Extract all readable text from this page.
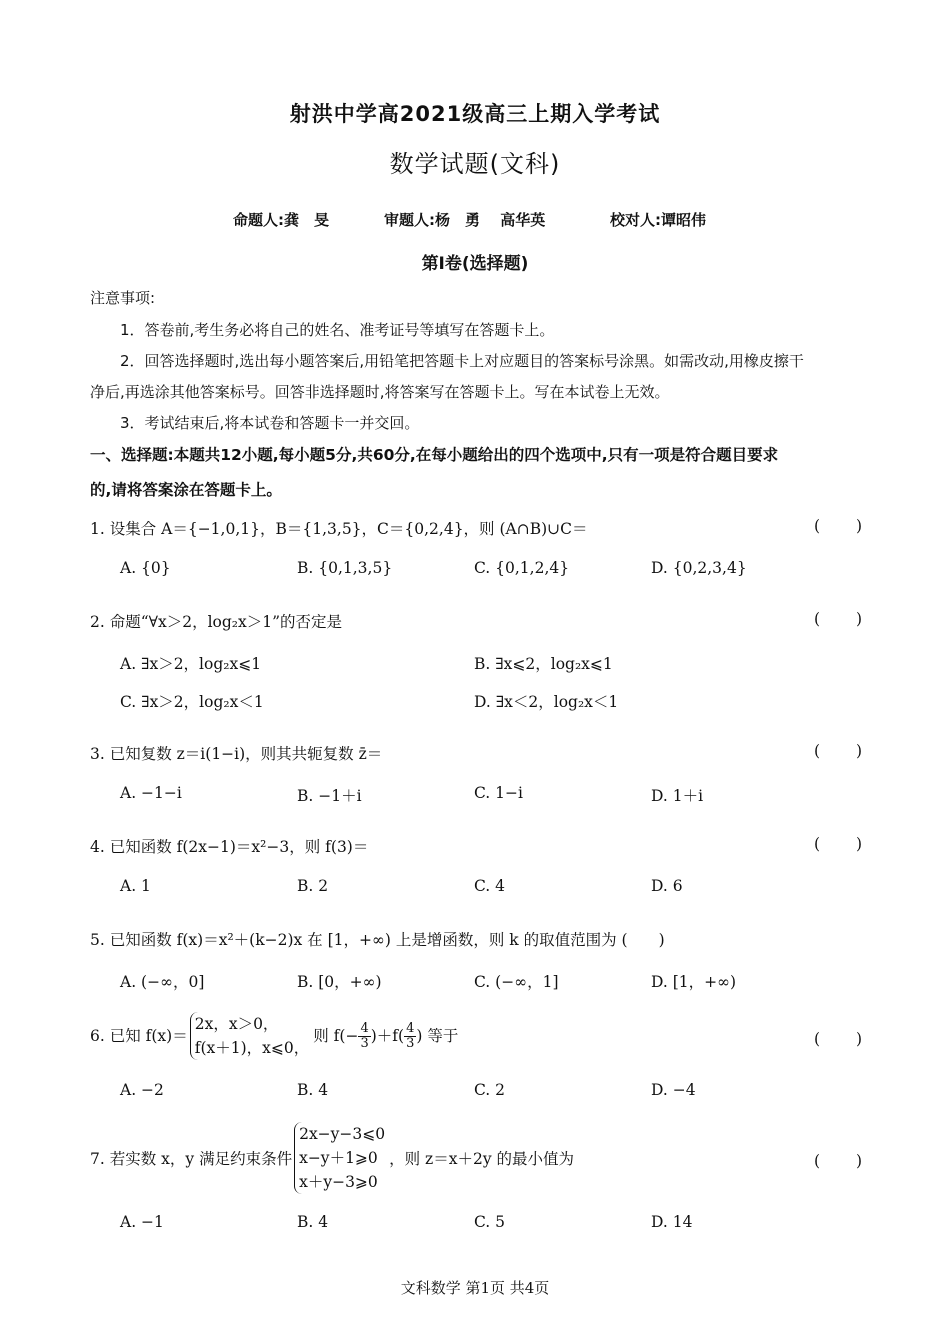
射洪中学高2021级高三上期入学考试
数学试题(文科)
命题人:龚　旻	审题人:杨　勇　 高华英	校对人:谭昭伟
第I卷(选择题)
注意事项:
1．答卷前,考生务必将自己的姓名、准考证号等填写在答题卡上。
2．回答选择题时,选出每小题答案后,用铅笔把答题卡上对应题目的答案标号涂黑。如需改动,用橡皮擦干
净后,再选涂其他答案标号。回答非选择题时,将答案写在答题卡上。写在本试卷上无效。
3．考试结束后,将本试卷和答题卡一并交回。
一、选择题:本题共12小题,每小题5分,共60分,在每小题给出的四个选项中,只有一项是符合题目要求
的,请将答案涂在答题卡上。
1. 设集合 A＝{−1,0,1}，B＝{1,3,5}，C＝{0,2,4}，则 (A∩B)∪C＝	( )
A. {0}	B. {0,1,3,5}	C. {0,1,2,4}	D. {0,2,3,4}
2. 命题“∀x＞2，log₂x＞1”的否定是	( )
A. ∃x＞2，log₂x⩽1	B. ∃x⩽2，log₂x⩽1
C. ∃x＞2，log₂x＜1	D. ∃x＜2，log₂x＜1
3. 已知复数 z＝i(1−i)，则其共轭复数 z̄＝	( )
A. −1−i	B. −1＋i	C. 1−i	D. 1＋i
4. 已知函数 f(2x−1)＝x²−3，则 f(3)＝	( )
A. 1	B. 2	C. 4	D. 6
5. 已知函数 f(x)＝x²＋(k−2)x 在 [1，+∞) 上是增函数，则 k 的取值范围为 (　　)
A. (−∞，0]	B. [0，+∞)	C. (−∞，1]	D. [1，+∞)
6. 已知 f(x)＝
2x，x＞0，
f(x＋1)，x⩽0，
则 $f(- \frac{4}{3} )+f( \frac{4}{3}$ ) 等于	( )
A. −2	B. 4	C. 2	D. −4
7. 若实数 x，y 满足约束条件
2x−y−3⩽0
x−y＋1⩾0
x＋y−3⩾0
，则 z＝x＋2y 的最小值为	( )
A. −1	B. 4	C. 5	D. 14
文科数学 第1页 共4页
